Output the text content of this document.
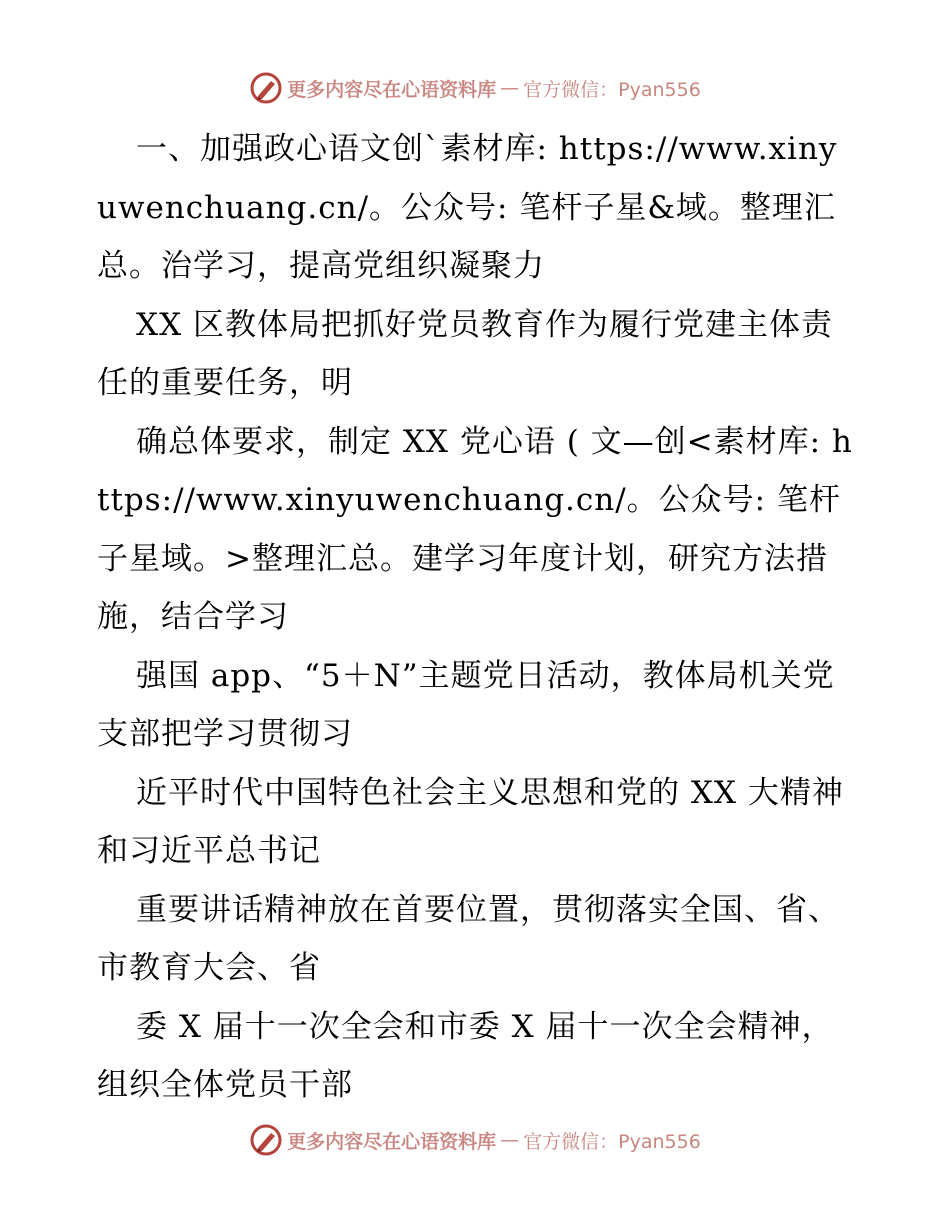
更多内容尽在心语资料库 — 官方微信：Pyan556

一、加强政心语文创`素材库: https://www.xinyuwenchuang.cn/。公众号: 笔杆子星&域。整理汇总。治学习，提高党组织凝聚力

XX 区教体局把抓好党员教育作为履行党建主体责任的重要任务，明

确总体要求，制定 XX 党心语 ( 文—创<素材库: https://www.xinyuwenchuang.cn/。公众号: 笔杆子星域。>整理汇总。建学习年度计划，研究方法措施，结合学习

强国 app、“5＋N”主题党日活动，教体局机关党支部把学习贯彻习

近平时代中国特色社会主义思想和党的 XX 大精神和习近平总书记

重要讲话精神放在首要位置，贯彻落实全国、省、市教育大会、省

委 X 届十一次全会和市委 X 届十一次全会精神，组织全体党员干部

更多内容尽在心语资料库 — 官方微信：Pyan556
